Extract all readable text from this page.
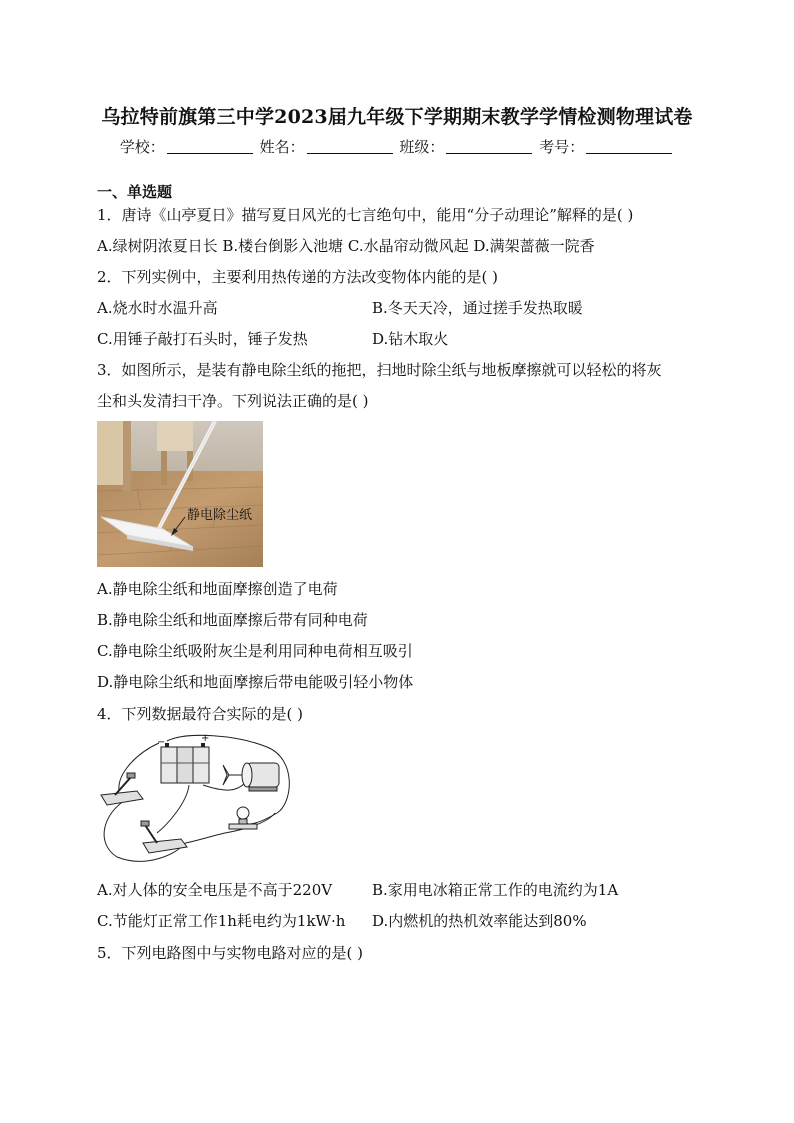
乌拉特前旗第三中学2023届九年级下学期期末教学学情检测物理试卷
学校：	姓名：	班级：	考号：
一、单选题
1．唐诗《山亭夏日》描写夏日风光的七言绝句中，能用“分子动理论”解释的是( )
A.绿树阴浓夏日长 B.楼台倒影入池塘 C.水晶帘动微风起 D.满架蔷薇一院香
2．下列实例中，主要利用热传递的方法改变物体内能的是( )
A.烧水时水温升高	B.冬天天冷，通过搓手发热取暖
C.用锤子敲打石头时，锤子发热	D.钻木取火
3．如图所示，是装有静电除尘纸的拖把，扫地时除尘纸与地板摩擦就可以轻松的将灰
尘和头发清扫干净。下列说法正确的是( )
静电除尘纸
A.静电除尘纸和地面摩擦创造了电荷
B.静电除尘纸和地面摩擦后带有同种电荷
C.静电除尘纸吸附灰尘是利用同种电荷相互吸引
D.静电除尘纸和地面摩擦后带电能吸引轻小物体
4．下列数据最符合实际的是( )
−	+
A.对人体的安全电压是不高于220V	B.家用电冰箱正常工作的电流约为1A
C.节能灯正常工作1h耗电约为1kW·h D.内燃机的热机效率能达到80%
5．下列电路图中与实物电路对应的是( )
